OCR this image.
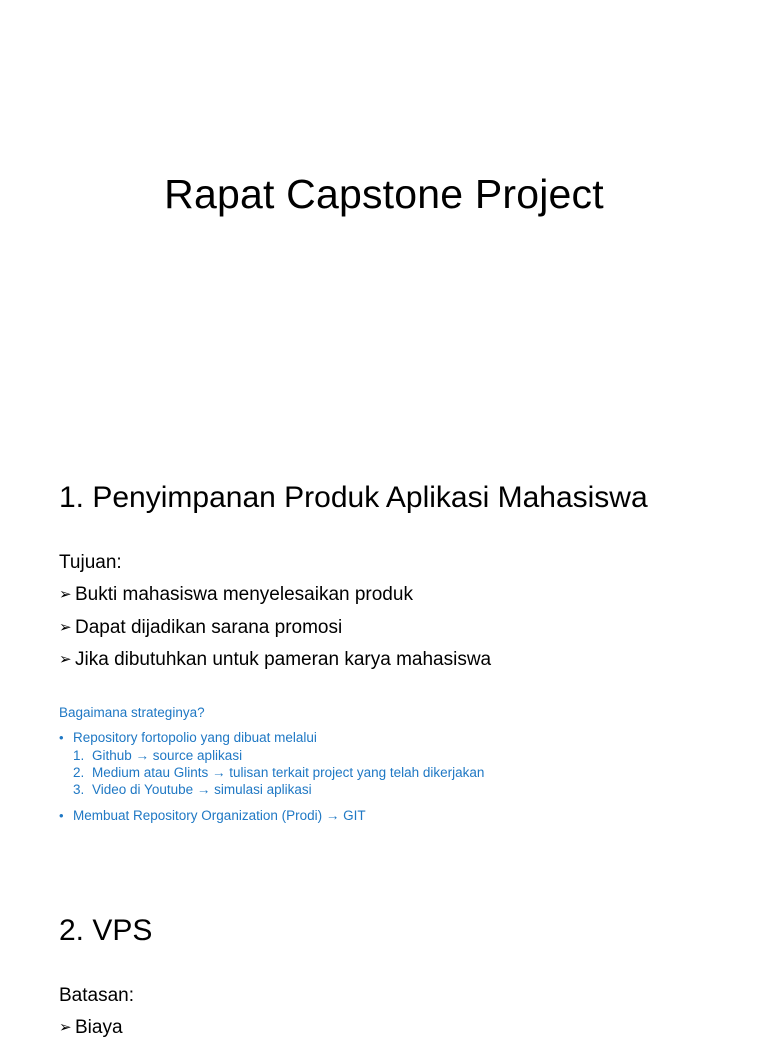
Rapat Capstone Project
1. Penyimpanan Produk Aplikasi Mahasiswa
Tujuan:
➢ Bukti mahasiswa menyelesaikan produk
➢ Dapat dijadikan sarana promosi
➢ Jika dibutuhkan untuk pameran karya mahasiswa
Bagaimana strateginya?
• Repository fortopolio yang dibuat melalui
1. Github → source aplikasi
2. Medium atau Glints → tulisan terkait project yang telah dikerjakan
3. Video di Youtube → simulasi aplikasi
• Membuat Repository Organization (Prodi) → GIT
2. VPS
Batasan:
➢ Biaya
